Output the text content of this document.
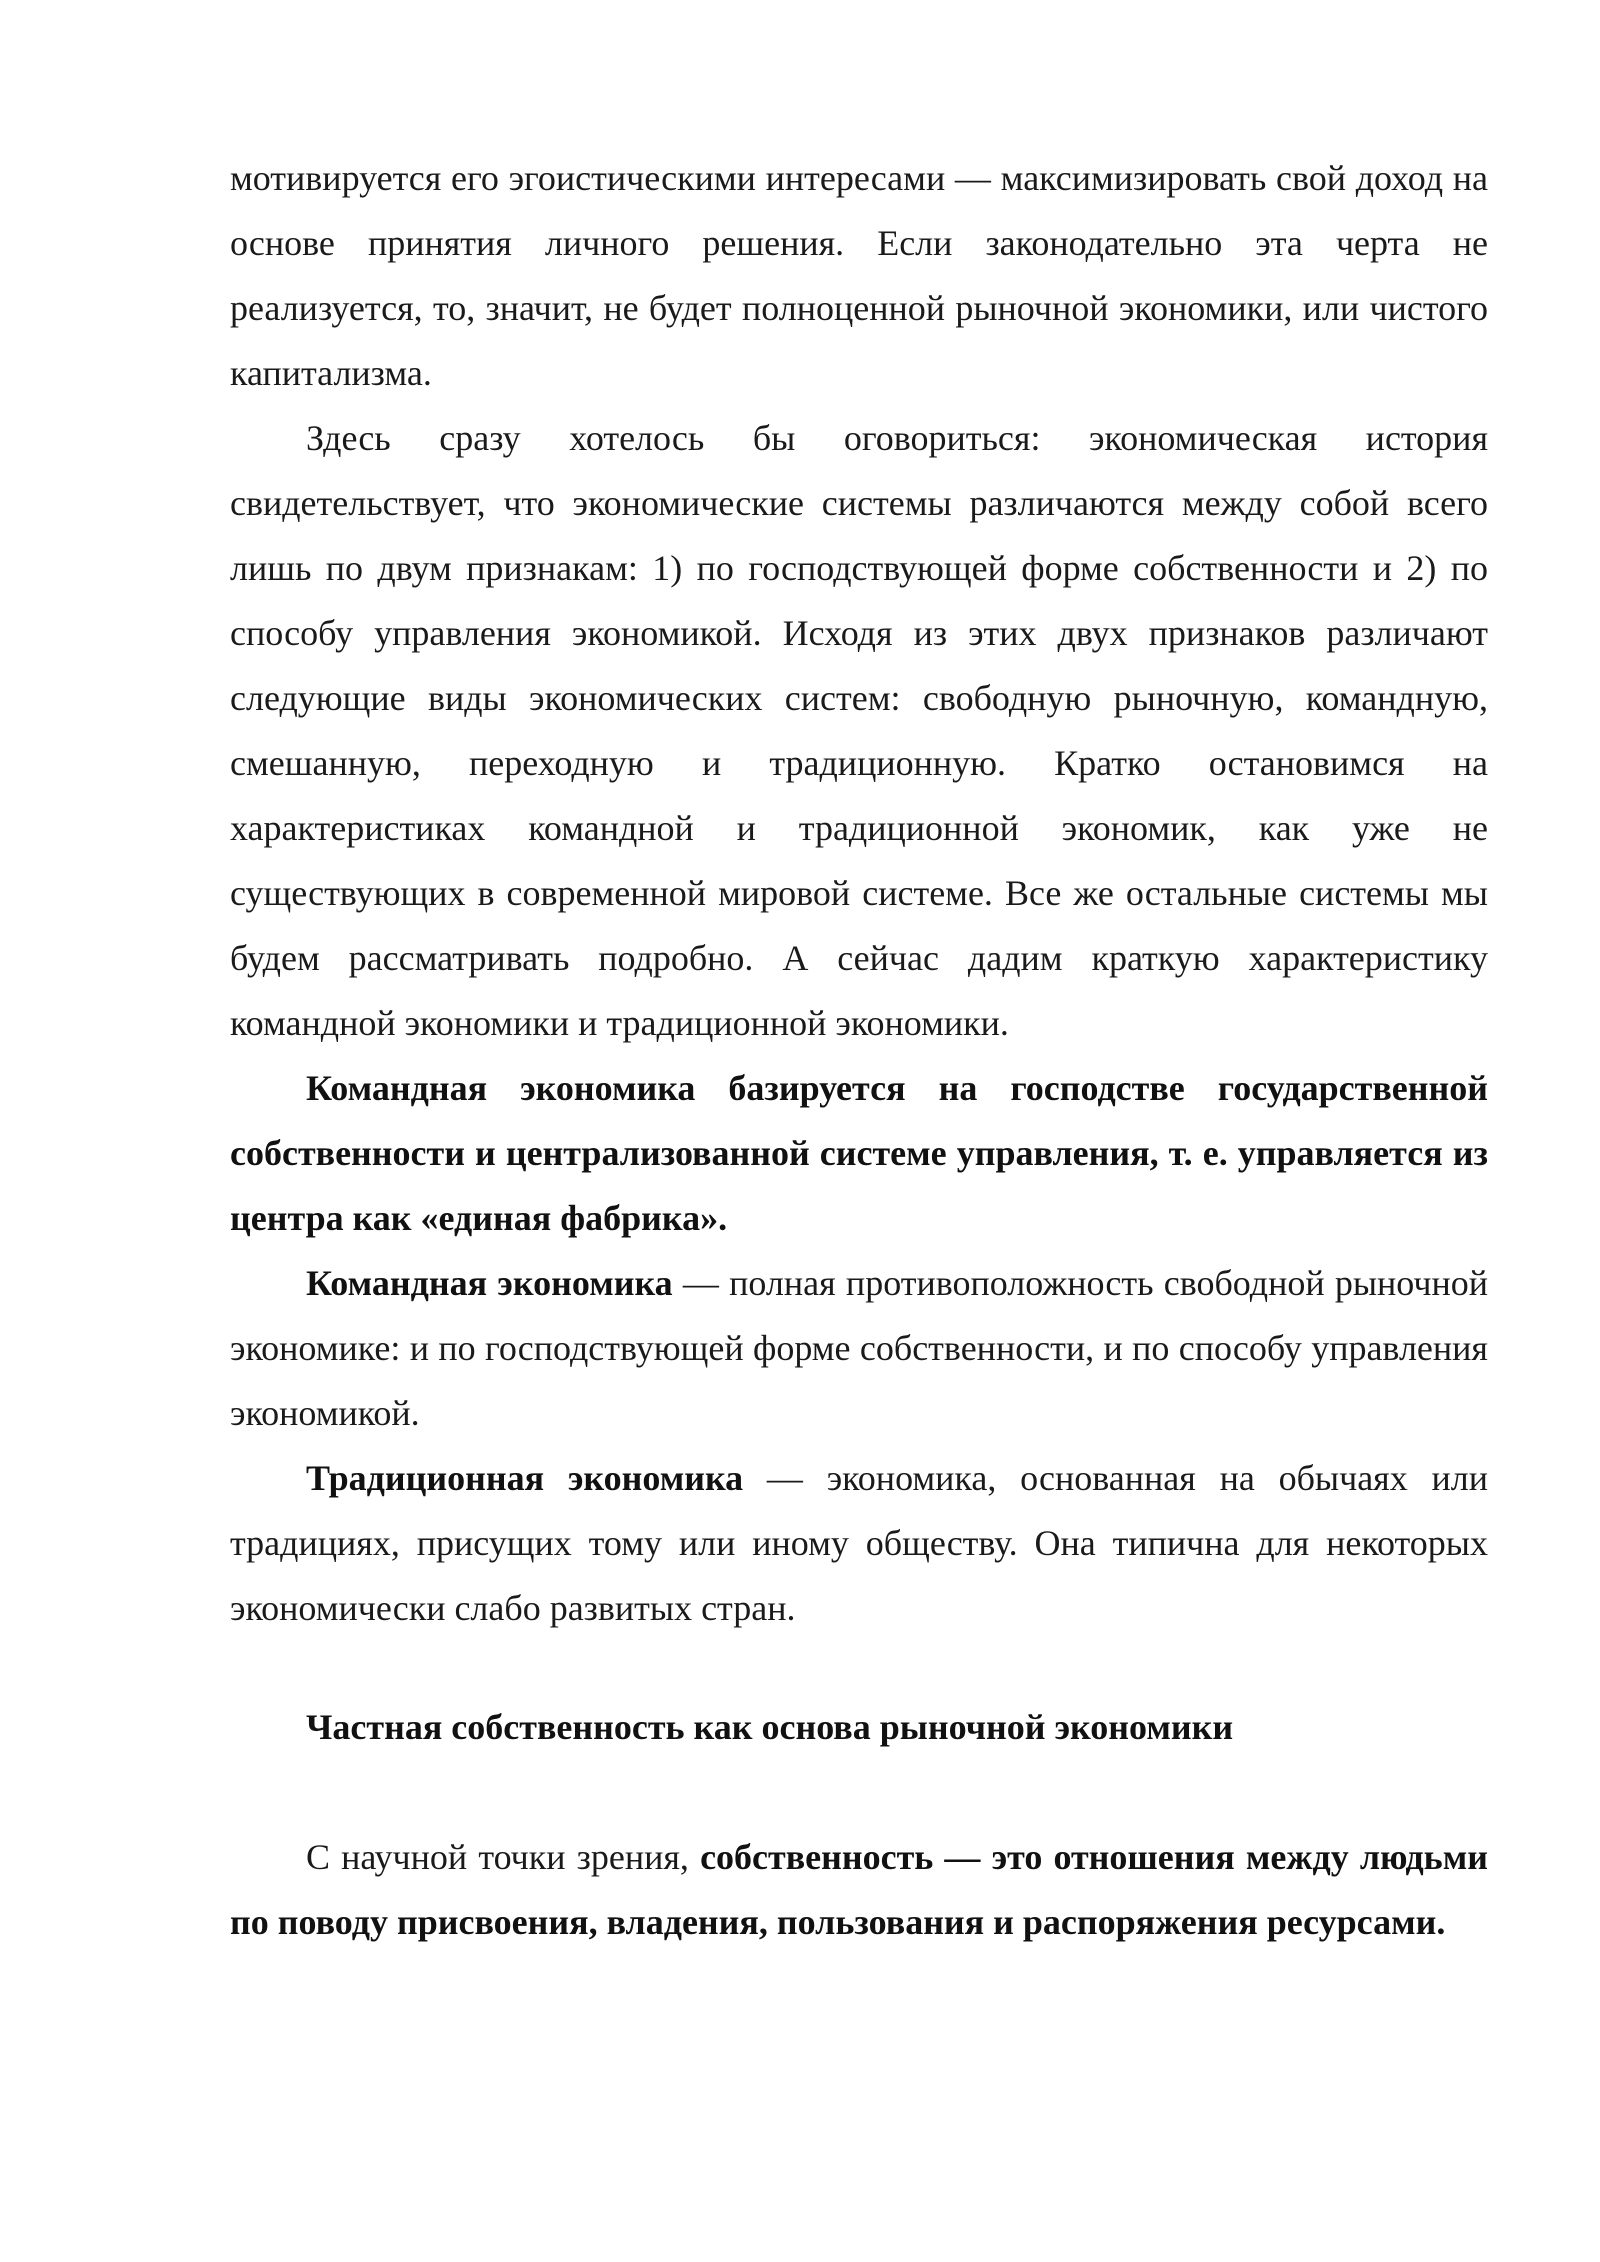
мотивируется его эгоистическими интересами — максимизировать свой доход на основе принятия личного решения. Если законодательно эта черта не реализуется, то, значит, не будет полноценной рыночной экономики, или чистого капитализма.

Здесь сразу хотелось бы оговориться: экономическая история свидетельствует, что экономические системы различаются между собой всего лишь по двум признакам: 1) по господствующей форме собственности и 2) по способу управления экономикой. Исходя из этих двух признаков различают следующие виды экономических систем: свободную рыночную, командную, смешанную, переходную и традиционную. Кратко остановимся на характеристиках командной и традиционной экономик, как уже не существующих в современной мировой системе. Все же остальные системы мы будем рассматривать подробно. А сейчас дадим краткую характеристику командной экономики и традиционной экономики.

Командная экономика базируется на господстве государственной собственности и централизованной системе управления, т. е. управляется из центра как «единая фабрика».

Командная экономика — полная противоположность свободной рыночной экономике: и по господствующей форме собственности, и по способу управления экономикой.

Традиционная экономика — экономика, основанная на обычаях или традициях, присущих тому или иному обществу. Она типична для некоторых экономически слабо развитых стран.

Частная собственность как основа рыночной экономики

С научной точки зрения, собственность — это отношения между людьми по поводу присвоения, владения, пользования и распоряжения ресурсами.
